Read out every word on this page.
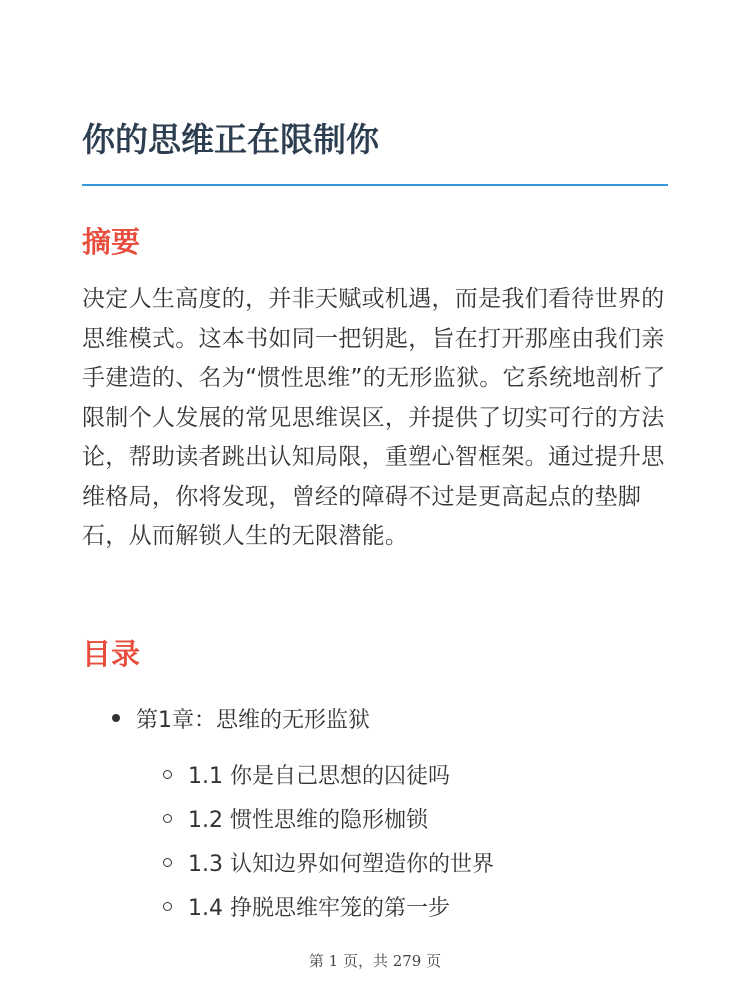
你的思维正在限制你
摘要

决定人生高度的，并非天赋或机遇，而是我们看待世界的思维模式。这本书如同一把钥匙，旨在打开那座由我们亲手建造的、名为“惯性思维”的无形监狱。它系统地剖析了限制个人发展的常见思维误区，并提供了切实可行的方法论，帮助读者跳出认知局限，重塑心智框架。通过提升思维格局，你将发现，曾经的障碍不过是更高起点的垫脚石，从而解锁人生的无限潜能。

目录
第1章：思维的无形监狱
1.1 你是自己思想的囚徒吗
1.2 惯性思维的隐形枷锁
1.3 认知边界如何塑造你的世界
1.4 挣脱思维牢笼的第一步
第 1 页，共 279 页
